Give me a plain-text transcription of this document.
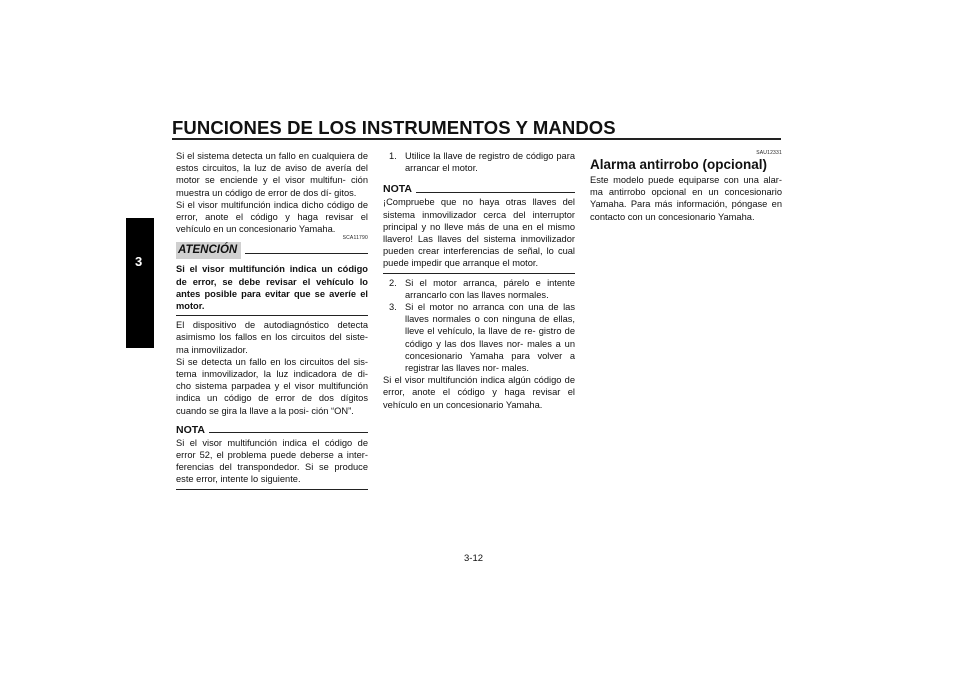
FUNCIONES DE LOS INSTRUMENTOS Y MANDOS
3

Si el sistema detecta un fallo en cualquiera de estos circuitos, la luz de aviso de avería del motor se enciende y el visor multifun- ción muestra un código de error de dos dí- gitos.

Si el visor multifunción indica dicho código de error, anote el código y haga revisar el vehículo en un concesionario Yamaha.

SCA11790
ATENCIÓN

Si el visor multifunción indica un código de error, se debe revisar el vehículo lo antes posible para evitar que se averíe el motor.

El dispositivo de autodiagnóstico detecta asimismo los fallos en los circuitos del siste- ma inmovilizador.

Si se detecta un fallo en los circuitos del sis- tema inmovilizador, la luz indicadora de di- cho sistema parpadea y el visor multifunción indica un código de error de dos dígitos cuando se gira la llave a la posi- ción “ON”.

NOTA

Si el visor multifunción indica el código de error 52, el problema puede deberse a inter- ferencias del transpondedor. Si se produce este error, intente lo siguiente.

1. Utilice la llave de registro de código para arrancar el motor.
NOTA

¡Compruebe que no haya otras llaves del sistema inmovilizador cerca del interruptor principal y no lleve más de una en el mismo llavero! Las llaves del sistema inmovilizador pueden crear interferencias de señal, lo cual puede impedir que arranque el motor.

2. Si el motor arranca, párelo e intente arrancarlo con las llaves normales.
3. Si el motor no arranca con una de las llaves normales o con ninguna de ellas, lleve el vehículo, la llave de re- gistro de código y las dos llaves nor- males a un concesionario Yamaha para volver a registrar las llaves nor- males.

Si el visor multifunción indica algún código de error, anote el código y haga revisar el vehículo en un concesionario Yamaha.

SAU12331
Alarma antirrobo (opcional)

Este modelo puede equiparse con una alar- ma antirrobo opcional en un concesionario Yamaha. Para más información, póngase en contacto con un concesionario Yamaha.

3-12
